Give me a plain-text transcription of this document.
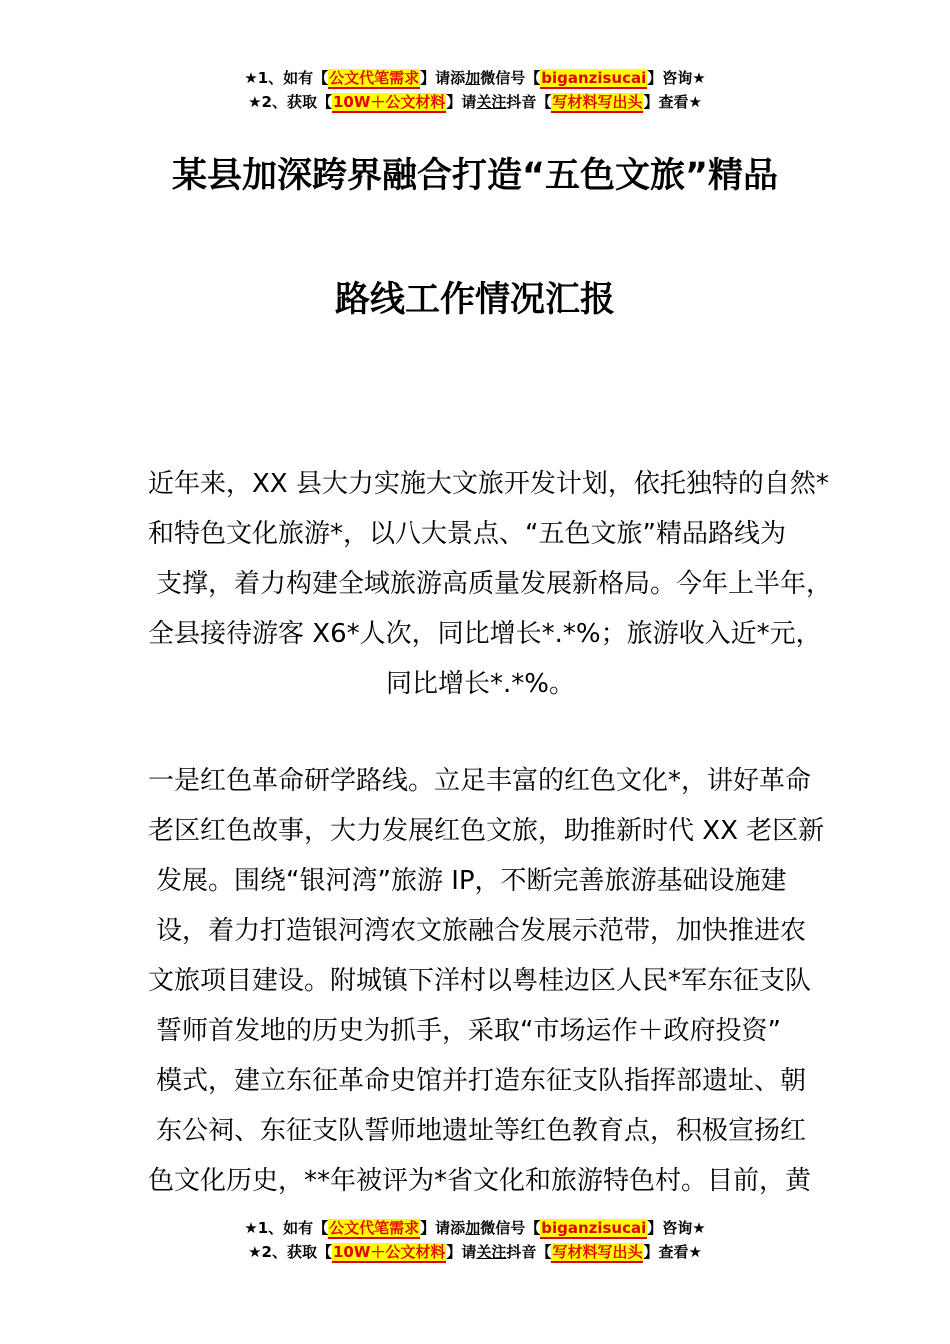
★1、如有【公文代笔需求】请添加微信号【biganzisucai】咨询★
★2、获取【10W＋公文材料】请关注抖音【写材料写出头】查看★
某县加深跨界融合打造“五色文旅”精品
路线工作情况汇报
近年来，XX 县大力实施大文旅开发计划，依托独特的自然*
和特色文化旅游*，以八大景点、“五色文旅”精品路线为
支撑，着力构建全域旅游高质量发展新格局。今年上半年，
全县接待游客 X6*人次，同比增长*.*%；旅游收入近*元，
同比增长*.*%。
一是红色革命研学路线。立足丰富的红色文化*，讲好革命
老区红色故事，大力发展红色文旅，助推新时代 XX 老区新
发展。围绕“银河湾”旅游 IP，不断完善旅游基础设施建
设，着力打造银河湾农文旅融合发展示范带，加快推进农
文旅项目建设。附城镇下洋村以粤桂边区人民*军东征支队
誓师首发地的历史为抓手，采取“市场运作＋政府投资”
模式，建立东征革命史馆并打造东征支队指挥部遗址、朝
东公祠、东征支队誓师地遗址等红色教育点，积极宣扬红
色文化历史，**年被评为*省文化和旅游特色村。目前，黄
★1、如有【公文代笔需求】请添加微信号【biganzisucai】咨询★
★2、获取【10W＋公文材料】请关注抖音【写材料写出头】查看★
